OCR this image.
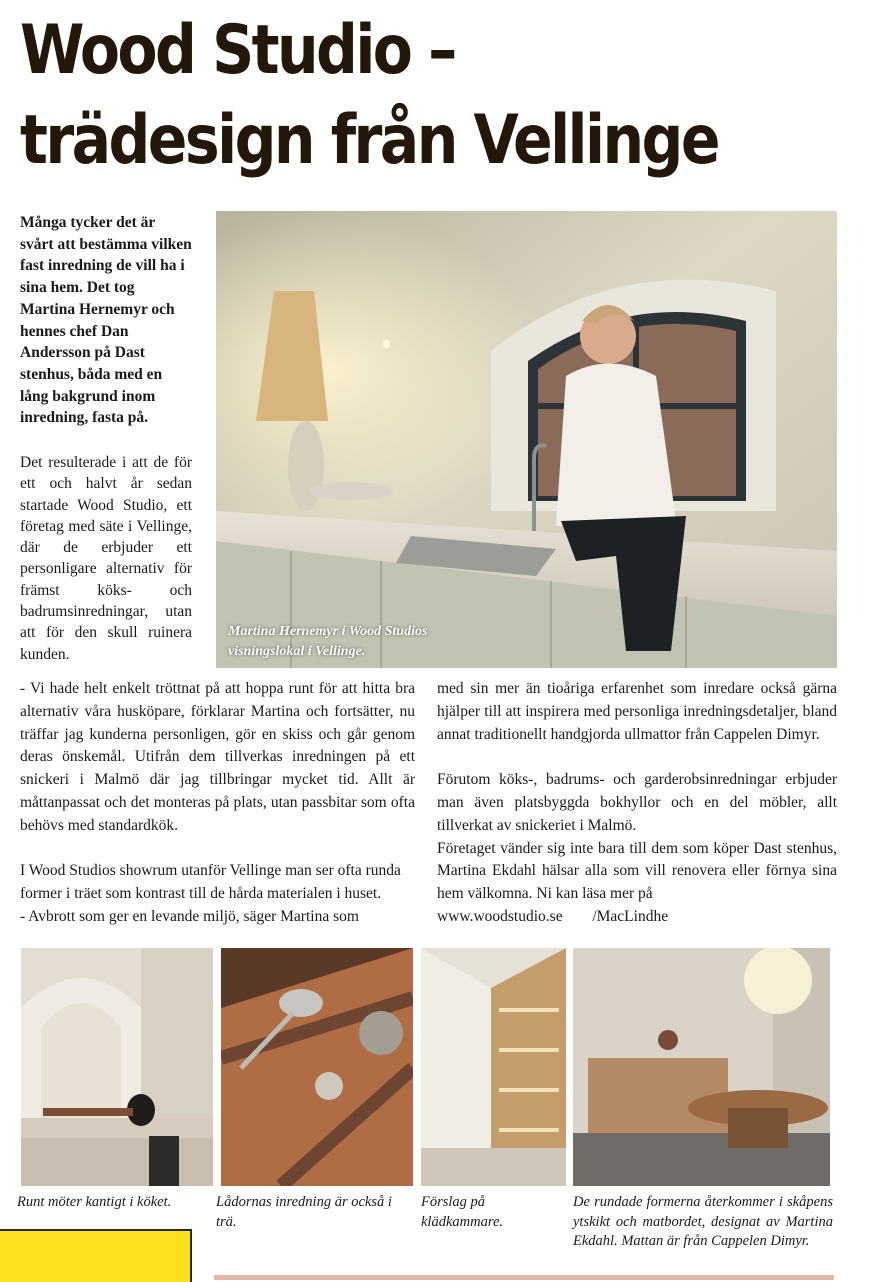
Wood Studio –
trädesign från Vellinge

Många tycker det är svårt att bestämma vilken fast inredning de vill ha i sina hem. Det tog Martina Hernemyr och hennes chef Dan Andersson på Dast stenhus, båda med en lång bakgrund inom inredning, fasta på.

Det resulterade i att de för ett och halvt år sedan startade Wood Studio, ett företag med säte i Vellinge, där de erbjuder ett personligare alternativ för främst köks- och badrumsinredningar, utan att för den skull ruinera kunden.

Martina Hernemyr i Wood Studios
visningslokal i Vellinge.

- Vi hade helt enkelt tröttnat på att hoppa runt för att hitta bra alternativ våra husköpare, förklarar Martina och fortsätter, nu träffar jag kunderna personligen, gör en skiss och går genom deras önskemål. Utifrån dem tillverkas inredningen på ett snickeri i Malmö där jag tillbringar mycket tid. Allt är måttanpassat och det monteras på plats, utan passbitar som ofta behövs med standardkök.

I Wood Studios showrum utanför Vellinge man ser ofta runda former i träet som kontrast till de hårda materialen i huset.

- Avbrott som ger en levande miljö, säger Martina som

med sin mer än tioåriga erfarenhet som inredare också gärna hjälper till att inspirera med personliga inredningsdetaljer, bland annat traditionellt handgjorda ullmattor från Cappelen Dimyr.

Förutom köks-, badrums- och garderobsinredningar erbjuder man även platsbyggda bokhyllor och en del möbler, allt tillverkat av snickeriet i Malmö.

Företaget vänder sig inte bara till dem som köper Dast stenhus, Martina Ekdahl hälsar alla som vill renovera eller förnya sina hem välkomna. Ni kan läsa mer på

www.woodstudio.se /MacLindhe

Runt möter kantigt i köket.	Lådornas inredning är också i trä.

Förslag på klädkammare.

De rundade formerna återkommer i skåpens ytskikt och matbordet, designat av Martina Ekdahl. Mattan är från Cappelen Dimyr.
